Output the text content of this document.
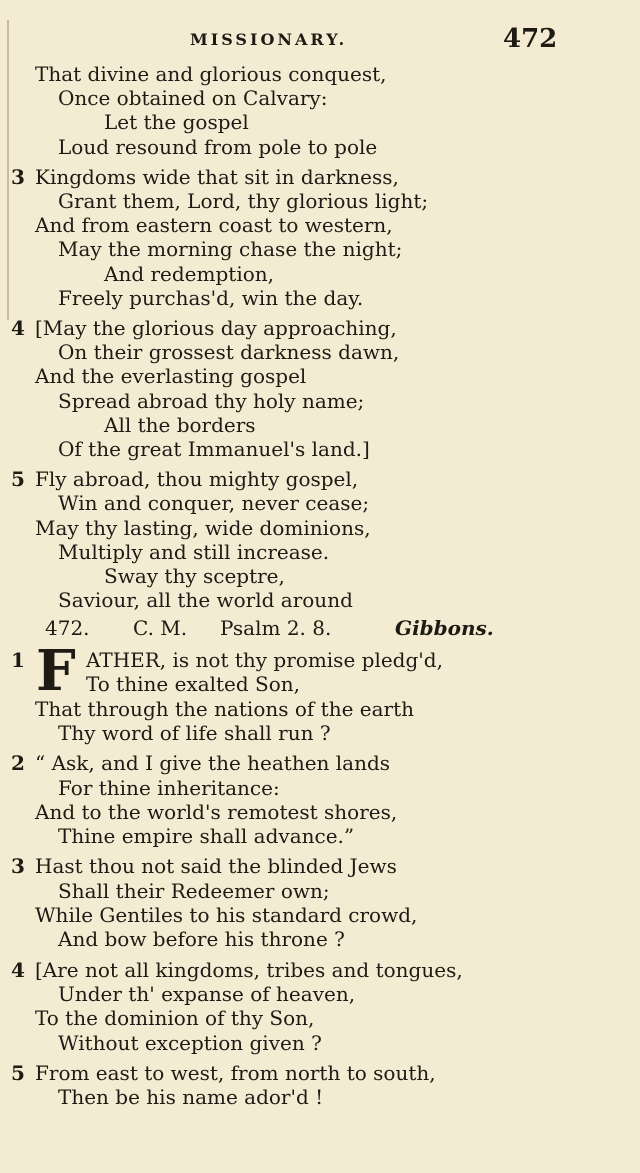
MISSIONARY.	472
That divine and glorious conquest,
Once obtained on Calvary:
Let the gospel
Loud resound from pole to pole
3 Kingdoms wide that sit in darkness,
Grant them, Lord, thy glorious light;
And from eastern coast to western,
May the morning chase the night;
And redemption,
Freely purchas'd, win the day.
4 [May the glorious day approaching,
On their grossest darkness dawn,
And the everlasting gospel
Spread abroad thy holy name;
All the borders
Of the great Immanuel's land.]
5 Fly abroad, thou mighty gospel,
Win and conquer, never cease;
May thy lasting, wide dominions,
Multiply and still increase.
Sway thy sceptre,
Saviour, all the world around
472. C. M. Psalm 2. 8.	Gibbons.
F
1	ATHER, is not thy promise pledg'd,
To thine exalted Son,
That through the nations of the earth
Thy word of life shall run ?
2 “ Ask, and I give the heathen lands
For thine inheritance:
And to the world's remotest shores,
Thine empire shall advance.”
3 Hast thou not said the blinded Jews
Shall their Redeemer own;
While Gentiles to his standard crowd,
And bow before his throne ?
4 [Are not all kingdoms, tribes and tongues,
Under th' expanse of heaven,
To the dominion of thy Son,
Without exception given ?
5 From east to west, from north to south,
Then be his name ador'd !
